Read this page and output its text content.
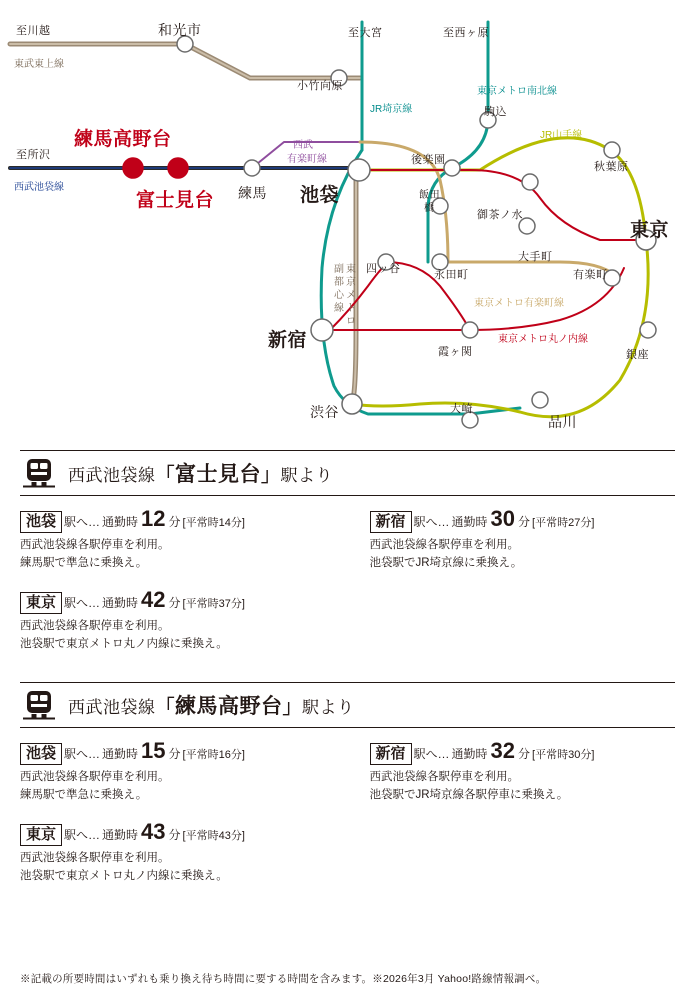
至川越
東武東上線
和光市	至大宮	至西ヶ原
小竹向原	東京メトロ南北線
JR埼京線	駒込
JR山手線
至所沢
練馬高野台	西武
有楽町線	後楽園
秋葉原
西武池袋線
富士見台 練馬 池袋	飯田
橋
御茶ノ水
東京
大手町
四ッ谷	永田町	有楽町
副
都
心
線
東
京
メ
ト
ロ
東京メトロ有楽町線
新宿
霞ヶ関
東京メトロ丸ノ内線
銀座
渋谷	大崎
品川
西武池袋線「富士見台」駅より
池袋 駅へ… 通勤時 12 分 [平常時14分]
西武池袋線各駅停車を利用。
練馬駅で準急に乗換え。
東京 駅へ… 通勤時 42 分 [平常時37分]
西武池袋線各駅停車を利用。
池袋駅で東京メトロ丸ノ内線に乗換え。
新宿 駅へ… 通勤時 30 分 [平常時27分]
西武池袋線各駅停車を利用。
池袋駅でJR埼京線に乗換え。
西武池袋線「練馬高野台」駅より
池袋 駅へ… 通勤時 15 分 [平常時16分]
西武池袋線各駅停車を利用。
練馬駅で準急に乗換え。
東京 駅へ… 通勤時 43 分 [平常時43分]
西武池袋線各駅停車を利用。
池袋駅で東京メトロ丸ノ内線に乗換え。
新宿 駅へ… 通勤時 32 分 [平常時30分]
西武池袋線各駅停車を利用。
池袋駅でJR埼京線各駅停車に乗換え。
※記載の所要時間はいずれも乗り換え待ち時間に要する時間を含みます。※2026年3月 Yahoo!路線情報調べ。
